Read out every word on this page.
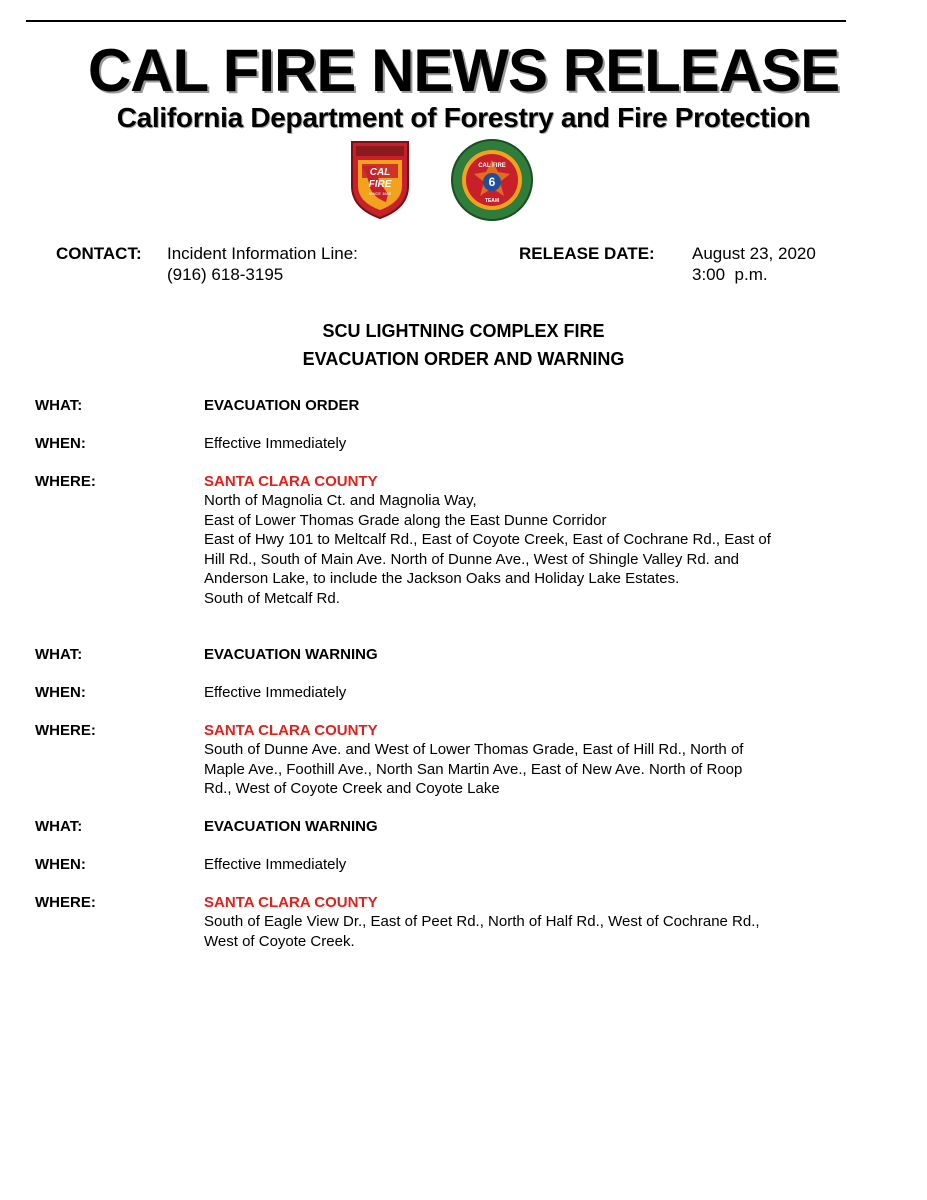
CAL FIRE NEWS RELEASE
California Department of Forestry and Fire Protection
CAL
FIRE
SINCE 1885
6
CAL FIRE
TEAM
CONTACT: Incident Information Line:
(916) 618-3195
RELEASE DATE: August 23, 2020
3:00  p.m.
SCU LIGHTNING COMPLEX FIRE
EVACUATION ORDER AND WARNING
WHAT:	EVACUATION ORDER
WHEN:	Effective Immediately
WHERE:	SANTA CLARA COUNTY
North of Magnolia Ct. and Magnolia Way,
East of Lower Thomas Grade along the East Dunne Corridor
East of Hwy 101 to Meltcalf Rd., East of Coyote Creek, East of Cochrane Rd., East of
Hill Rd., South of Main Ave. North of Dunne Ave., West of Shingle Valley Rd. and
Anderson Lake, to include the Jackson Oaks and Holiday Lake Estates.
South of Metcalf Rd.
WHAT:	EVACUATION WARNING
WHEN:	Effective Immediately
WHERE:	SANTA CLARA COUNTY
South of Dunne Ave. and West of Lower Thomas Grade, East of Hill Rd., North of
Maple Ave., Foothill Ave., North San Martin Ave., East of New Ave. North of Roop
Rd., West of Coyote Creek and Coyote Lake
WHAT:	EVACUATION WARNING
WHEN:	Effective Immediately
WHERE:	SANTA CLARA COUNTY
South of Eagle View Dr., East of Peet Rd., North of Half Rd., West of Cochrane Rd.,
West of Coyote Creek.
